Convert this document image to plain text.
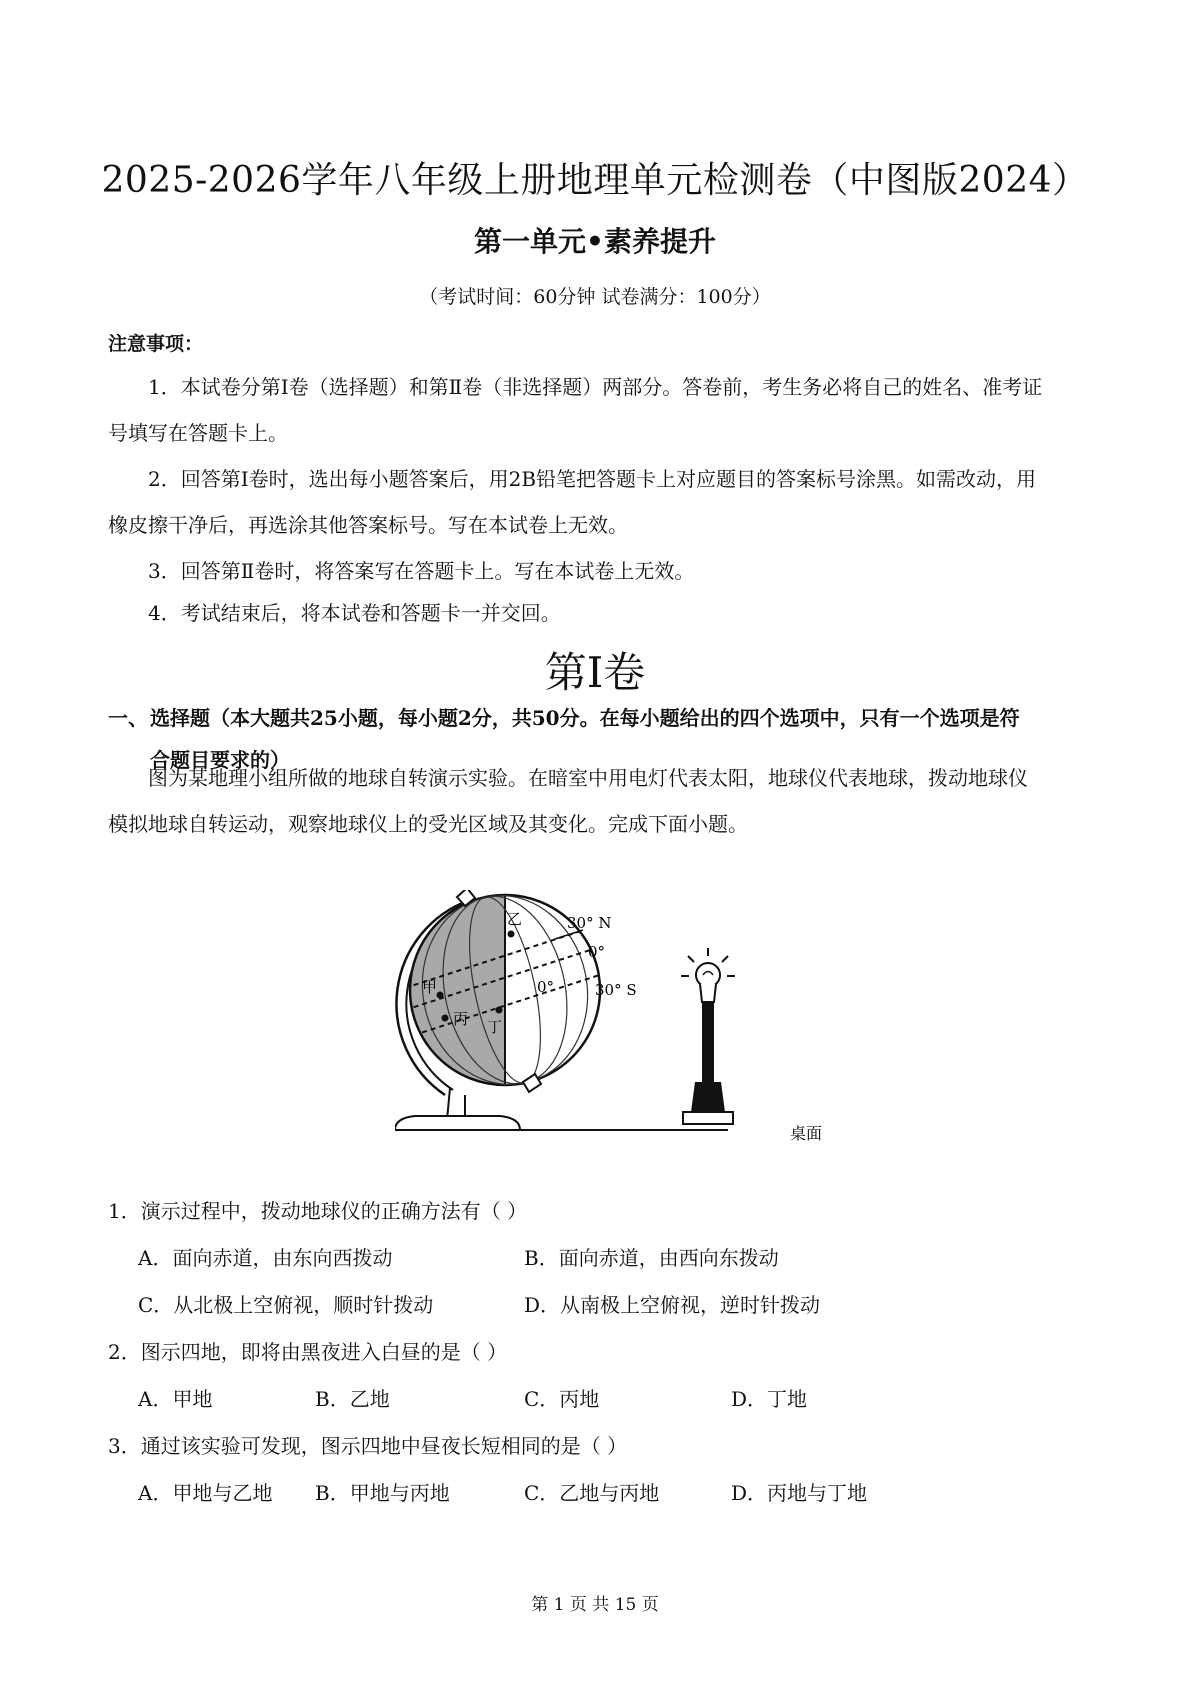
2025-2026学年八年级上册地理单元检测卷（中图版2024）
第一单元•素养提升
（考试时间：60分钟 试卷满分：100分）
注意事项：
1．本试卷分第Ⅰ卷（选择题）和第Ⅱ卷（非选择题）两部分。答卷前，考生务必将自己的姓名、准考证
号填写在答题卡上。
2．回答第Ⅰ卷时，选出每小题答案后，用2B铅笔把答题卡上对应题目的答案标号涂黑。如需改动，用
橡皮擦干净后，再选涂其他答案标号。写在本试卷上无效。
3．回答第Ⅱ卷时，将答案写在答题卡上。写在本试卷上无效。
4．考试结束后，将本试卷和答题卡一并交回。
第Ⅰ卷
一、 选择题（本大题共25小题，每小题2分，共50分。在每小题给出的四个选项中，只有一个选项是符
合题目要求的）
图为某地理小组所做的地球自转演示实验。在暗室中用电灯代表太阳，地球仪代表地球，拨动地球仪
模拟地球自转运动，观察地球仪上的受光区域及其变化。完成下面小题。
乙
甲
丙 丁
30° N
0°
30° S
0°
桌面
1．演示过程中，拨动地球仪的正确方法有（ ）
A．面向赤道，由东向西拨动	B．面向赤道，由西向东拨动
C．从北极上空俯视，顺时针拨动	D．从南极上空俯视，逆时针拨动
2．图示四地，即将由黑夜进入白昼的是（ ）
A．甲地	B．乙地	C．丙地	D．丁地
3．通过该实验可发现，图示四地中昼夜长短相同的是（ ）
A．甲地与乙地 B．甲地与丙地	C．乙地与丙地	D．丙地与丁地
第 1 页 共 15 页
